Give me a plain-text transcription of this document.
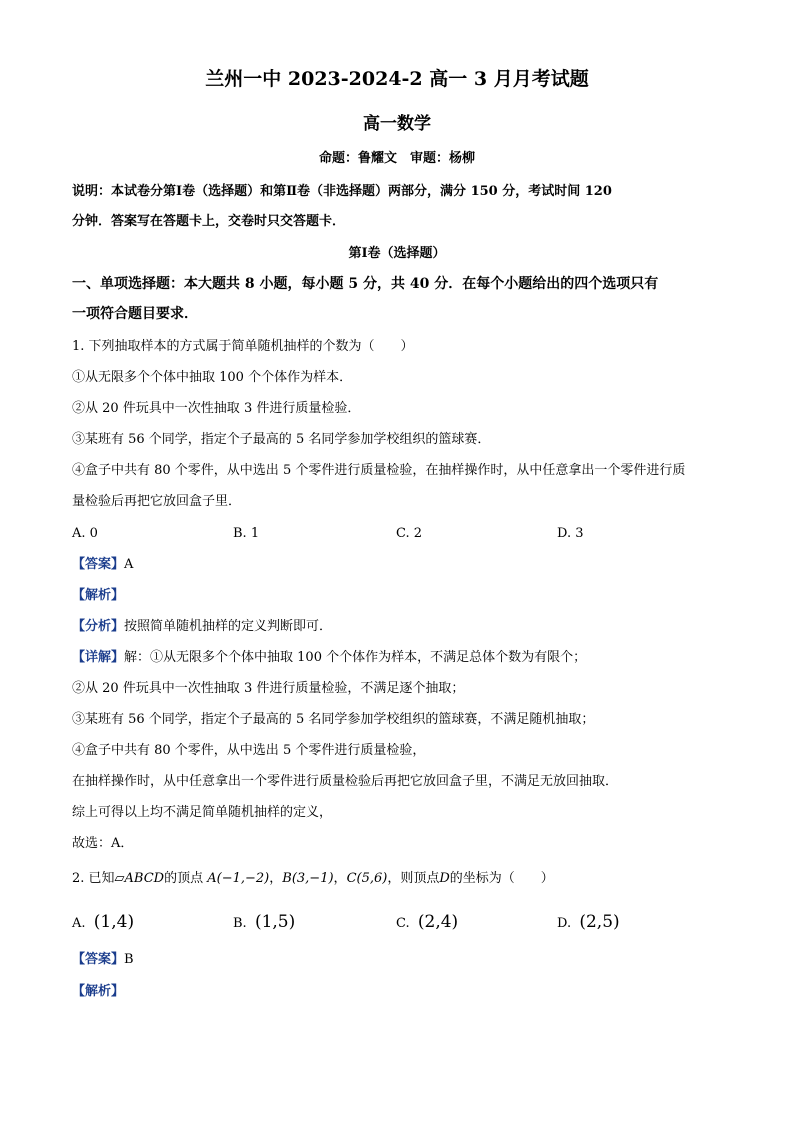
兰州一中 2023-2024-2 高一 3 月月考试题
高一数学
命题：鲁耀文　审题：杨柳
说明：本试卷分第Ⅰ卷（选择题）和第Ⅱ卷（非选择题）两部分，满分 150 分，考试时间 120
分钟．答案写在答题卡上，交卷时只交答题卡．
第Ⅰ卷（选择题）
一、单项选择题：本大题共 8 小题，每小题 5 分，共 40 分．在每个小题给出的四个选项只有
一项符合题目要求．
1. 下列抽取样本的方式属于简单随机抽样的个数为（　　）
①从无限多个个体中抽取 100 个个体作为样本．
②从 20 件玩具中一次性抽取 3 件进行质量检验．
③某班有 56 个同学，指定个子最高的 5 名同学参加学校组织的篮球赛．
④盒子中共有 80 个零件，从中选出 5 个零件进行质量检验，在抽样操作时，从中任意拿出一个零件进行质
量检验后再把它放回盒子里．
A. 0	B. 1	C. 2	D. 3
【答案】A
【解析】
【分析】按照简单随机抽样的定义判断即可．
【详解】解：①从无限多个个体中抽取 100 个个体作为样本，不满足总体个数为有限个；
②从 20 件玩具中一次性抽取 3 件进行质量检验，不满足逐个抽取；
③某班有 56 个同学，指定个子最高的 5 名同学参加学校组织的篮球赛，不满足随机抽取；
④盒子中共有 80 个零件，从中选出 5 个零件进行质量检验，
在抽样操作时，从中任意拿出一个零件进行质量检验后再把它放回盒子里，不满足无放回抽取．
综上可得以上均不满足简单随机抽样的定义，
故选：A．
2. 已知▱ABCD的顶点 A(−1,−2)，B(3,−1)，C(5,6)，则顶点D的坐标为（　　）
A. (1,4)	B. (1,5)	C. (2,4)	D. (2,5)
【答案】B
【解析】
